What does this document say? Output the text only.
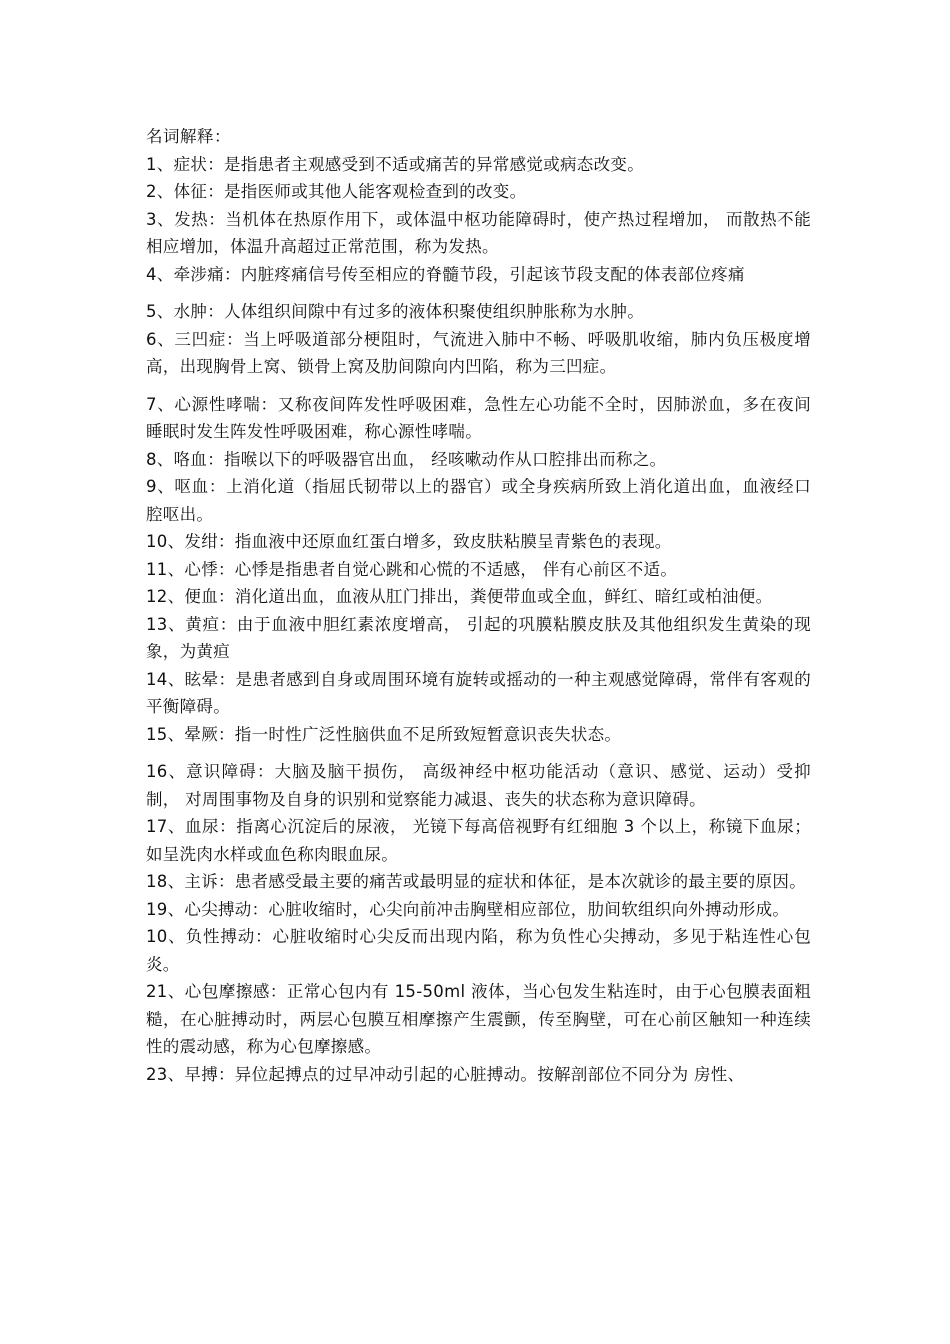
名词解释：

1、症状：是指患者主观感受到不适或痛苦的异常感觉或病态改变。

2、体征：是指医师或其他人能客观检查到的改变。

3、发热：当机体在热原作用下，或体温中枢功能障碍时，使产热过程增加， 而散热不能相应增加，体温升高超过正常范围，称为发热。

4、牵涉痛：内脏疼痛信号传至相应的脊髓节段，引起该节段支配的体表部位疼痛

5、水肿：人体组织间隙中有过多的液体积聚使组织肿胀称为水肿。

6、三凹症：当上呼吸道部分梗阻时，气流进入肺中不畅、呼吸肌收缩，肺内负压极度增高，出现胸骨上窝、锁骨上窝及肋间隙向内凹陷，称为三凹症。

7、心源性哮喘：又称夜间阵发性呼吸困难，急性左心功能不全时，因肺淤血，多在夜间睡眠时发生阵发性呼吸困难，称心源性哮喘。

8、咯血：指喉以下的呼吸器官出血， 经咳嗽动作从口腔排出而称之。

9、呕血：上消化道（指屈氏韧带以上的器官）或全身疾病所致上消化道出血，血液经口腔呕出。

10、发绀：指血液中还原血红蛋白增多，致皮肤粘膜呈青紫色的表现。

11、心悸：心悸是指患者自觉心跳和心慌的不适感， 伴有心前区不适。

12、便血：消化道出血，血液从肛门排出，粪便带血或全血，鲜红、暗红或柏油便。

13、黄疸：由于血液中胆红素浓度增高， 引起的巩膜粘膜皮肤及其他组织发生黄染的现象，为黄疸

14、眩晕：是患者感到自身或周围环境有旋转或摇动的一种主观感觉障碍，常伴有客观的平衡障碍。

15、晕厥：指一时性广泛性脑供血不足所致短暂意识丧失状态。

16、意识障碍：大脑及脑干损伤， 高级神经中枢功能活动（意识、感觉、运动）受抑制， 对周围事物及自身的识别和觉察能力减退、丧失的状态称为意识障碍。

17、血尿：指离心沉淀后的尿液， 光镜下每高倍视野有红细胞 3 个以上，称镜下血尿；如呈洗肉水样或血色称肉眼血尿。

18、主诉：患者感受最主要的痛苦或最明显的症状和体征，是本次就诊的最主要的原因。

19、心尖搏动：心脏收缩时，心尖向前冲击胸壁相应部位，肋间软组织向外搏动形成。

10、负性搏动：心脏收缩时心尖反而出现内陷，称为负性心尖搏动，多见于粘连性心包炎。

21、心包摩擦感：正常心包内有 15-50ml 液体，当心包发生粘连时，由于心包膜表面粗糙，在心脏搏动时，两层心包膜互相摩擦产生震颤，传至胸壁，可在心前区触知一种连续性的震动感，称为心包摩擦感。

23、早搏：异位起搏点的过早冲动引起的心脏搏动。按解剖部位不同分为 房性、
